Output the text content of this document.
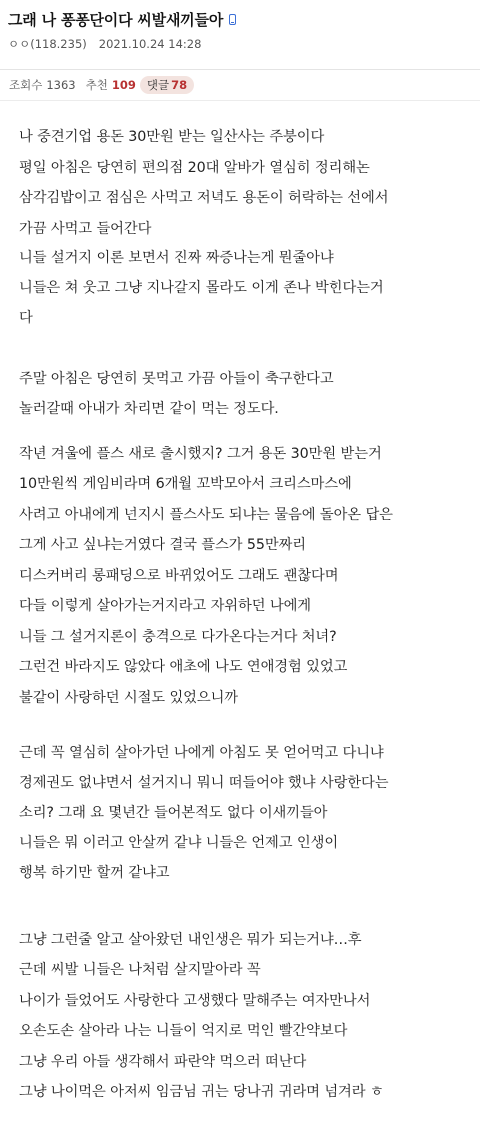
그래 나 퐁퐁단이다 씨발새끼들아
ㅇㅇ(118.235) 2021.10.24 14:28
조회수 1363 추천 109 댓글 78
나 중견기업 용돈 30만원 받는 일산사는 주붕이다
평일 아침은 당연히 편의점 20대 알바가 열심히 정리해논
삼각김밥이고 점심은 사먹고 저녁도 용돈이 허락하는 선에서
가끔 사먹고 들어간다
니들 설거지 이론 보면서 진짜 짜증나는게 뭔줄아냐
니들은 쳐 웃고 그냥 지나갈지 몰라도 이게 존나 박힌다는거
다
주말 아침은 당연히 못먹고 가끔 아들이 축구한다고
놀러갈때 아내가 차리면 같이 먹는 정도다.
작년 겨울에 플스 새로 출시했지? 그거 용돈 30만원 받는거
10만원씩 게임비라며 6개월 꼬박모아서 크리스마스에
사려고 아내에게 넌지시 플스사도 되냐는 물음에 돌아온 답은
그게 사고 싶냐는거였다 결국 플스가 55만짜리
디스커버리 롱패딩으로 바뀌었어도 그래도 괜찮다며
다들 이렇게 살아가는거지라고 자위하던 나에게
니들 그 설거지론이 충격으로 다가온다는거다 처녀?
그런건 바라지도 않았다 애초에 나도 연애경험 있었고
불같이 사랑하던 시절도 있었으니까
근데 꼭 열심히 살아가던 나에게 아침도 못 얻어먹고 다니냐
경제권도 없냐면서 설거지니 뭐니 떠들어야 했냐 사랑한다는
소리? 그래 요 몇년간 들어본적도 없다 이새끼들아
니들은 뭐 이러고 안살꺼 같냐 니들은 언제고 인생이
행복 하기만 할꺼 같냐고
그냥 그런줄 알고 살아왔던 내인생은 뭐가 되는거냐…후
근데 씨발 니들은 나처럼 살지말아라 꼭
나이가 들었어도 사랑한다 고생했다 말해주는 여자만나서
오손도손 살아라 나는 니들이 억지로 먹인 빨간약보다
그냥 우리 아들 생각해서 파란약 먹으러 떠난다
그냥 나이먹은 아저씨 임금님 귀는 당나귀 귀라며 넘겨라 ㅎ
